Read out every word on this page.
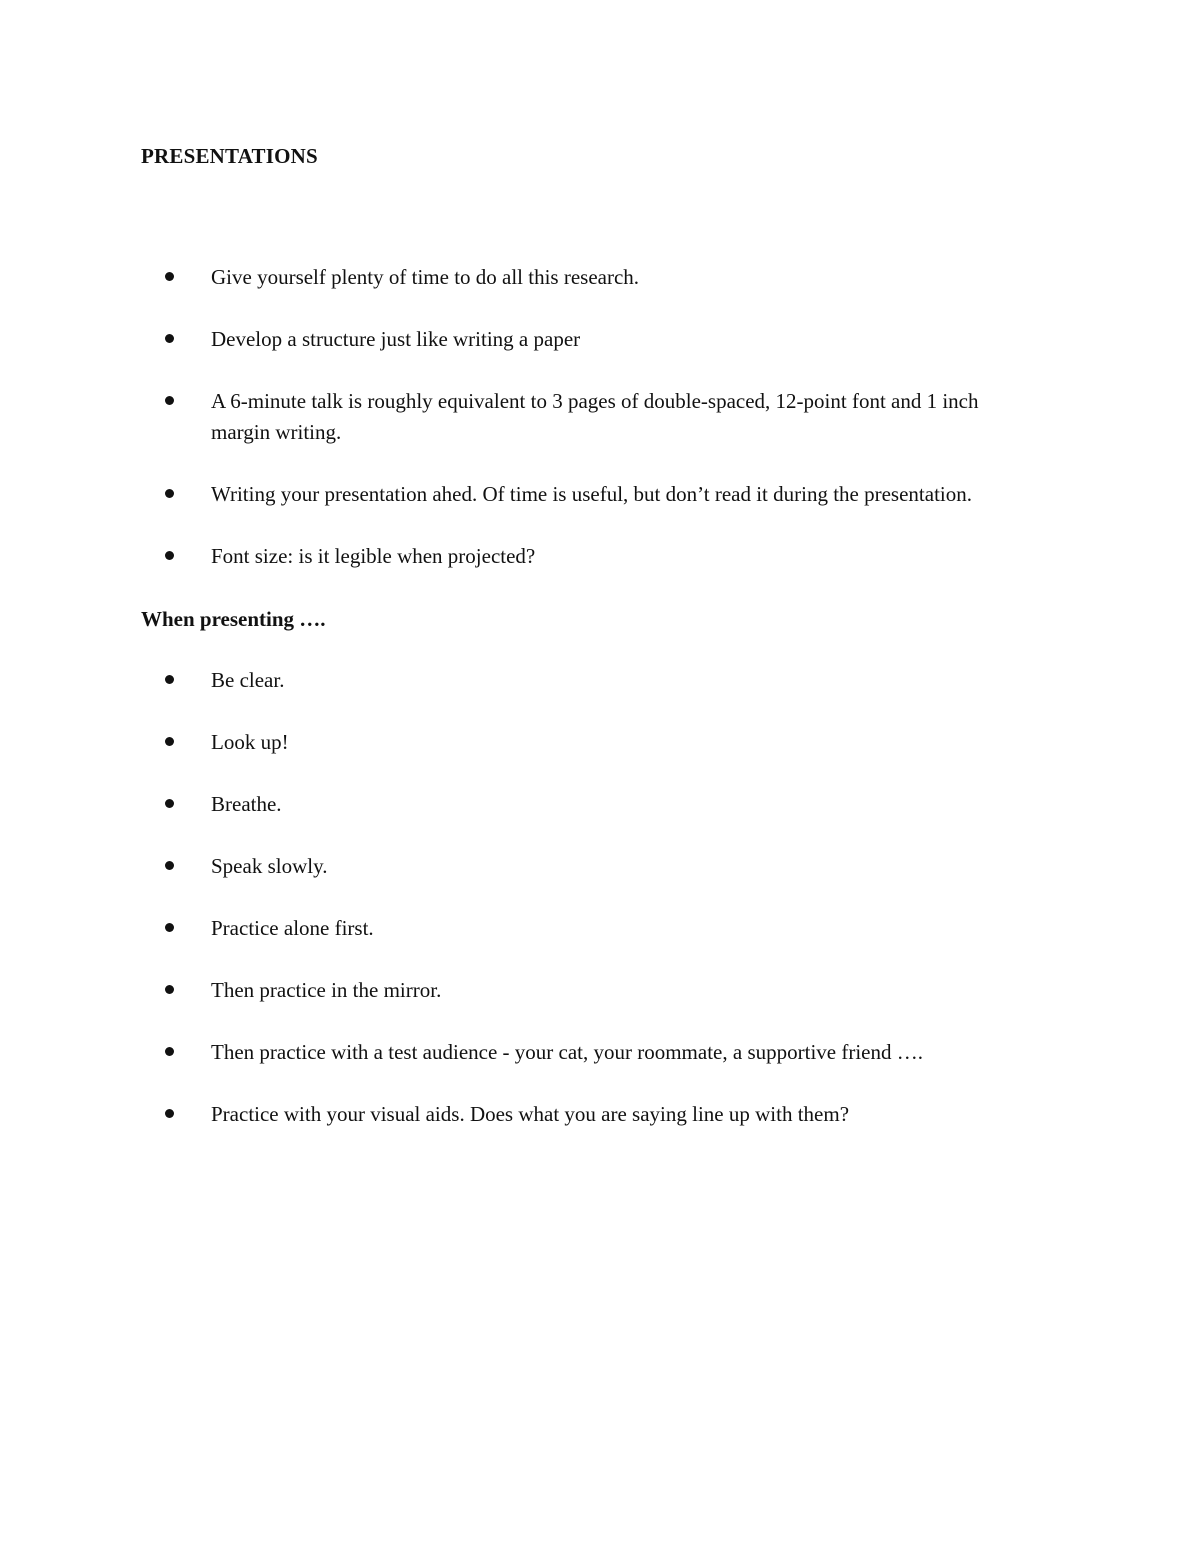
PRESENTATIONS
Give yourself plenty of time to do all this research.
Develop a structure just like writing a paper
A 6-minute talk is roughly equivalent to 3 pages of double-spaced, 12-point font and 1 inch margin writing.
Writing your presentation ahed. Of time is useful, but don’t read it during the presentation.
Font size: is it legible when projected?
When presenting ….
Be clear.
Look up!
Breathe.
Speak slowly.
Practice alone first.
Then practice in the mirror.
Then practice with a test audience - your cat, your roommate, a supportive friend ….
Practice with your visual aids. Does what you are saying line up with them?
